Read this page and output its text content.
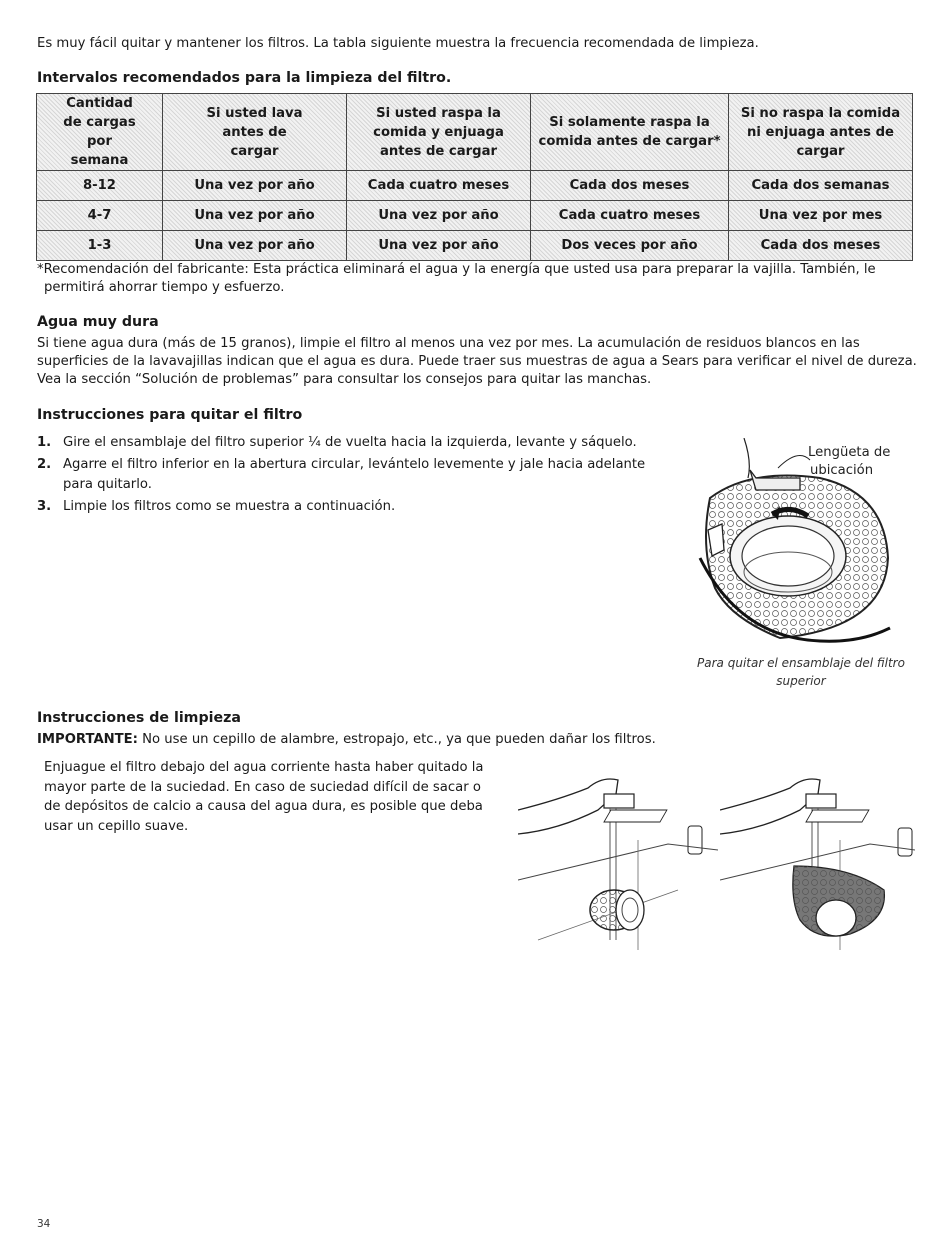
Es muy fácil quitar y mantener los filtros. La tabla siguiente muestra la frecuencia recomendada de limpieza.
Intervalos recomendados para la limpieza del filtro.
Cantidad de cargas por semana	Si usted lava antes de cargar	Si usted raspa la comida y enjuaga antes de cargar	Si solamente raspa la comida antes de cargar*	Si no raspa la comida ni enjuaga antes de cargar
8-12	Una vez por año	Cada cuatro meses	Cada dos meses	Cada dos semanas
4-7	Una vez por año	Una vez por año	Cada cuatro meses	Una vez por mes
1-3	Una vez por año	Una vez por año	Dos veces por año	Cada dos meses
*Recomendación del fabricante: Esta práctica eliminará el agua y la energía que usted usa para preparar la vajilla. También, le
permitirá ahorrar tiempo y esfuerzo.
Agua muy dura
Si tiene agua dura (más de 15 granos), limpie el filtro al menos una vez por mes. La acumulación de residuos blancos en las
superficies de la lavavajillas indican que el agua es dura. Puede traer sus muestras de agua a Sears para verificar el nivel de dureza.
Vea la sección “Solución de problemas” para consultar los consejos para quitar las manchas.
Instrucciones para quitar el filtro
1. Gire el ensamblaje del filtro superior ¼ de vuelta hacia la izquierda, levante y sáquelo.
2. Agarre el filtro inferior en la abertura circular, levántelo levemente y jale hacia adelante
para quitarlo.
3. Limpie los filtros como se muestra a continuación.
Lengüeta de
ubicación
Para quitar el ensamblaje del filtro
superior
Instrucciones de limpieza
IMPORTANTE: No use un cepillo de alambre, estropajo, etc., ya que pueden dañar los filtros.
Enjuague el filtro debajo del agua corriente hasta haber quitado la
mayor parte de la suciedad. En caso de suciedad difícil de sacar o
de depósitos de calcio a causa del agua dura, es posible que deba
usar un cepillo suave.
34
